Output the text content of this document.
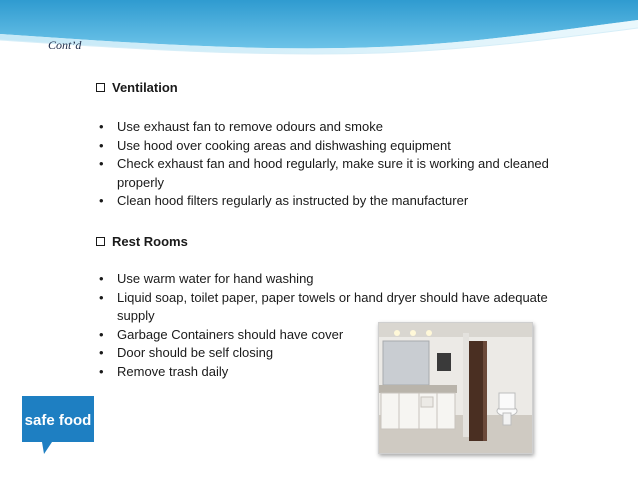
Cont’d
Ventilation
• Use exhaust fan to remove odours and smoke
• Use hood over cooking areas and dishwashing equipment
• Check exhaust fan and hood regularly, make sure it is working and cleaned properly
• Clean hood filters regularly as instructed by the manufacturer
Rest Rooms
• Use warm water for hand washing
• Liquid soap, toilet paper, paper towels or hand dryer should have adequate supply
• Garbage Containers should have cover
• Door should be self closing
• Remove trash daily
safe food
